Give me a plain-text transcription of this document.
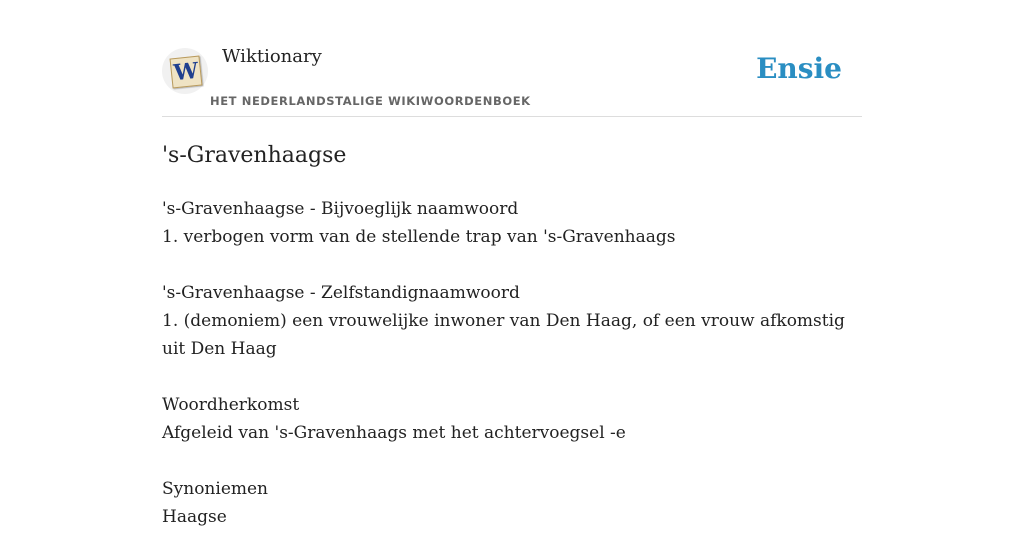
W
Wiktionary
HET NEDERLANDSTALIGE WIKIWOORDENBOEK
Ensie
's-Gravenhaagse

's-Gravenhaagse - Bijvoeglijk naamwoord
1. verbogen vorm van de stellende trap van 's-Gravenhaags

's-Gravenhaagse - Zelfstandignaamwoord
1. (demoniem) een vrouwelijke inwoner van Den Haag, of een vrouw afkomstig uit Den Haag

Woordherkomst
Afgeleid van 's-Gravenhaags met het achtervoegsel -e

Synoniemen
Haagse
